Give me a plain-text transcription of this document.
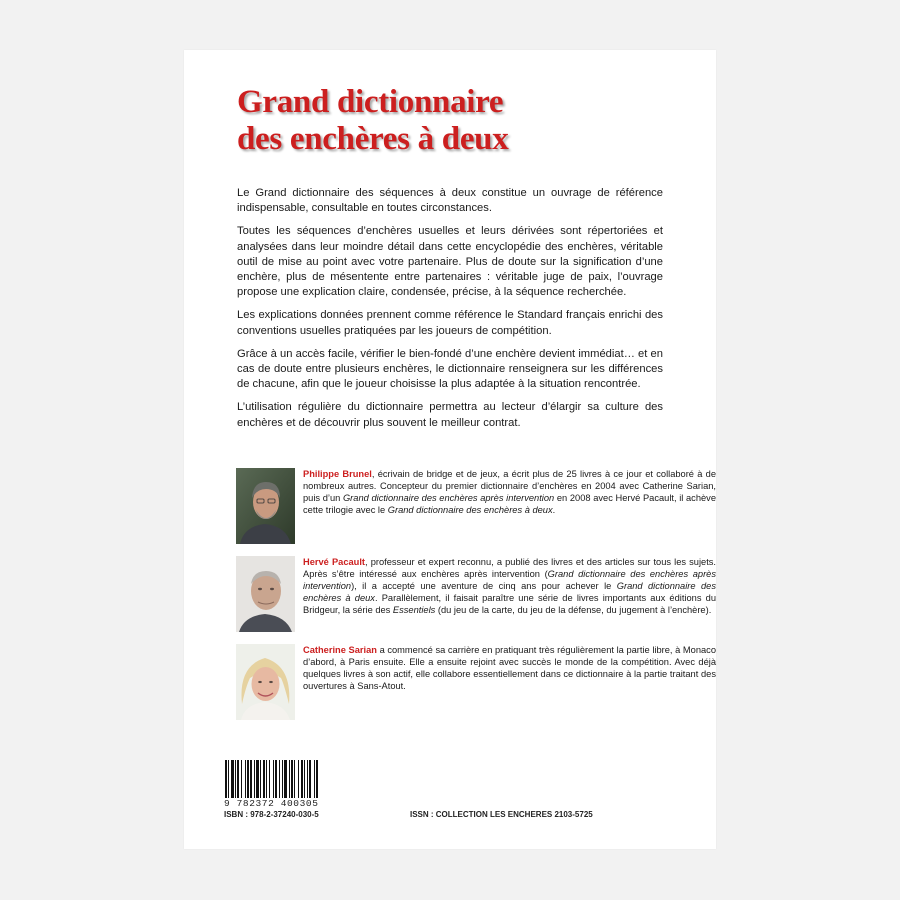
Grand dictionnaire
des enchères à deux

Le Grand dictionnaire des séquences à deux constitue un ouvrage de référence indispensable, consultable en toutes circonstances.

Toutes les séquences d’enchères usuelles et leurs dérivées sont répertoriées et analysées dans leur moindre détail dans cette encyclopédie des enchères, véritable outil de mise au point avec votre partenaire. Plus de doute sur la signification d’une enchère, plus de mésentente entre partenaires : véritable juge de paix, l’ouvrage propose une explication claire, condensée, précise, à la séquence recherchée.

Les explications données prennent comme référence le Standard français enrichi des conventions usuelles pratiquées par les joueurs de compétition.

Grâce à un accès facile, vérifier le bien-fondé d’une enchère devient immédiat… et en cas de doute entre plusieurs enchères, le dictionnaire renseignera sur les différences de chacune, afin que le joueur choisisse la plus adaptée à la situation rencontrée.

L’utilisation régulière du dictionnaire permettra au lecteur d’élargir sa culture des enchères et de découvrir plus souvent le meilleur contrat.

Philippe Brunel, écrivain de bridge et de jeux, a écrit plus de 25 livres à ce jour et collaboré à de nombreux autres. Concepteur du premier dictionnaire d’enchères en 2004 avec Catherine Sarian, puis d’un Grand dictionnaire des enchères après intervention en 2008 avec Hervé Pacault, il achève cette trilogie avec le Grand dictionnaire des enchères à deux.

Hervé Pacault, professeur et expert reconnu, a publié des livres et des articles sur tous les sujets. Après s’être intéressé aux enchères après intervention (Grand dictionnaire des enchères après intervention), il a accepté une aventure de cinq ans pour achever le Grand dictionnaire des enchères à deux. Parallèlement, il faisait paraître une série de livres importants aux éditions du Bridgeur, la série des Essentiels (du jeu de la carte, du jeu de la défense, du jugement à l’enchère).

Catherine Sarian a commencé sa carrière en pratiquant très régulièrement la partie libre, à Monaco d’abord, à Paris ensuite. Elle a ensuite rejoint avec succès le monde de la compétition. Avec déjà quelques livres à son actif, elle collabore essentiellement dans ce dictionnaire à la partie traitant des ouvertures à Sans-Atout.

9 782372 400305
ISBN : 978-2-37240-030-5	ISSN : COLLECTION LES ENCHERES 2103-5725
